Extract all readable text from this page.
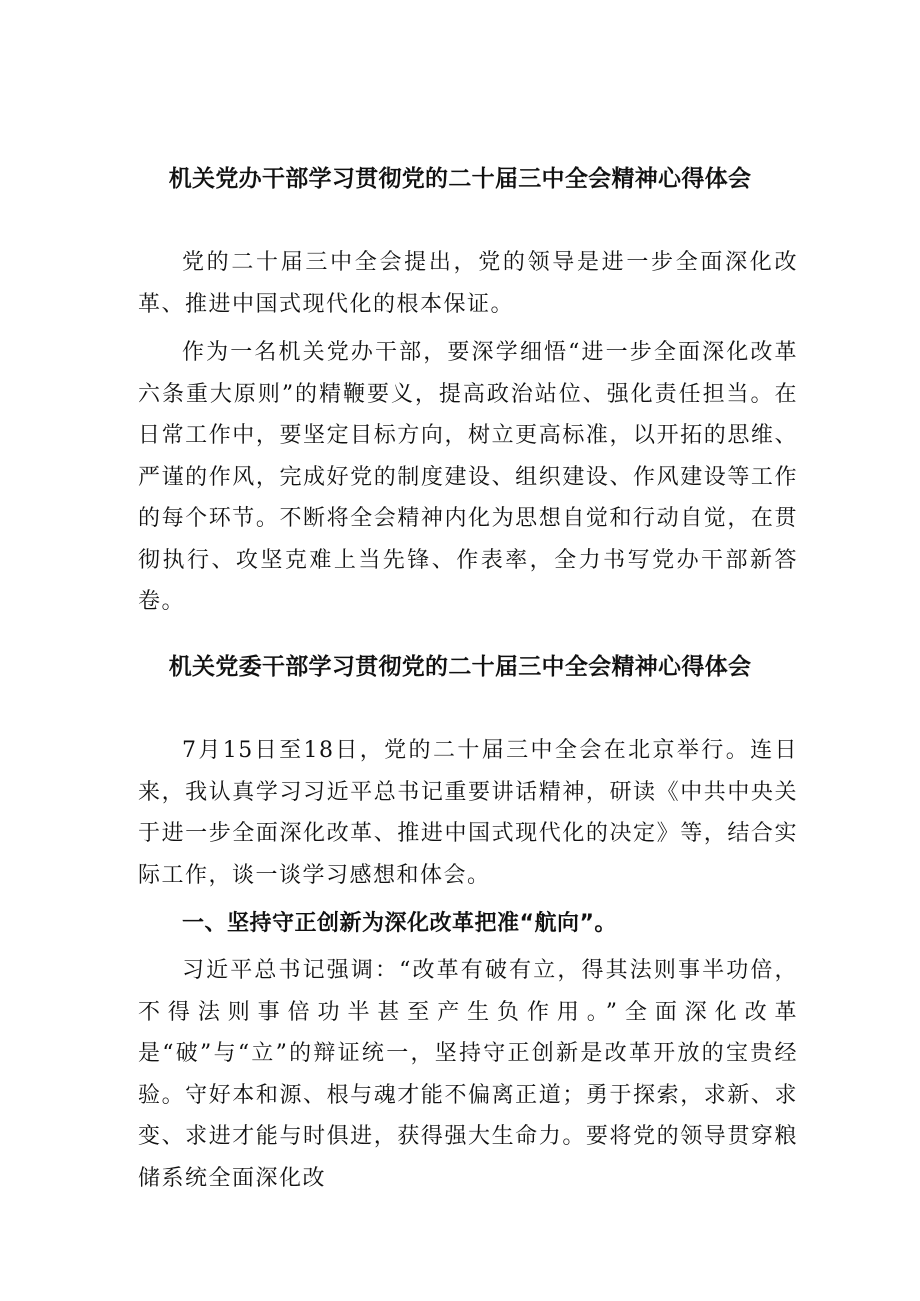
机关党办干部学习贯彻党的二十届三中全会精神心得体会

党的二十届三中全会提出，党的领导是进一步全面深化改革、推进中国式现代化的根本保证。

作为一名机关党办干部，要深学细悟“进一步全面深化改革六条重大原则”的精鞭要义，提高政治站位、强化责任担当。在日常工作中，要坚定目标方向，树立更高标准，以开拓的思维、严谨的作风，完成好党的制度建设、组织建设、作风建设等工作的每个环节。不断将全会精神内化为思想自觉和行动自觉，在贯彻执行、攻坚克难上当先锋、作表率，全力书写党办干部新答卷。

机关党委干部学习贯彻党的二十届三中全会精神心得体会

7月15日至18日，党的二十届三中全会在北京举行。连日来，我认真学习习近平总书记重要讲话精神，研读《中共中央关于进一步全面深化改革、推进中国式现代化的决定》等，结合实际工作，谈一谈学习感想和体会。

一、坚持守正创新为深化改革把准“航向”。

习近平总书记强调：“改革有破有立，得其法则事半功倍，不得法则事倍功半甚至产生负作用。”全面深化改革是“破”与“立”的辩证统一，坚持守正创新是改革开放的宝贵经验。守好本和源、根与魂才能不偏离正道；勇于探索，求新、求变、求进才能与时俱进，获得强大生命力。要将党的领导贯穿粮储系统全面深化改
